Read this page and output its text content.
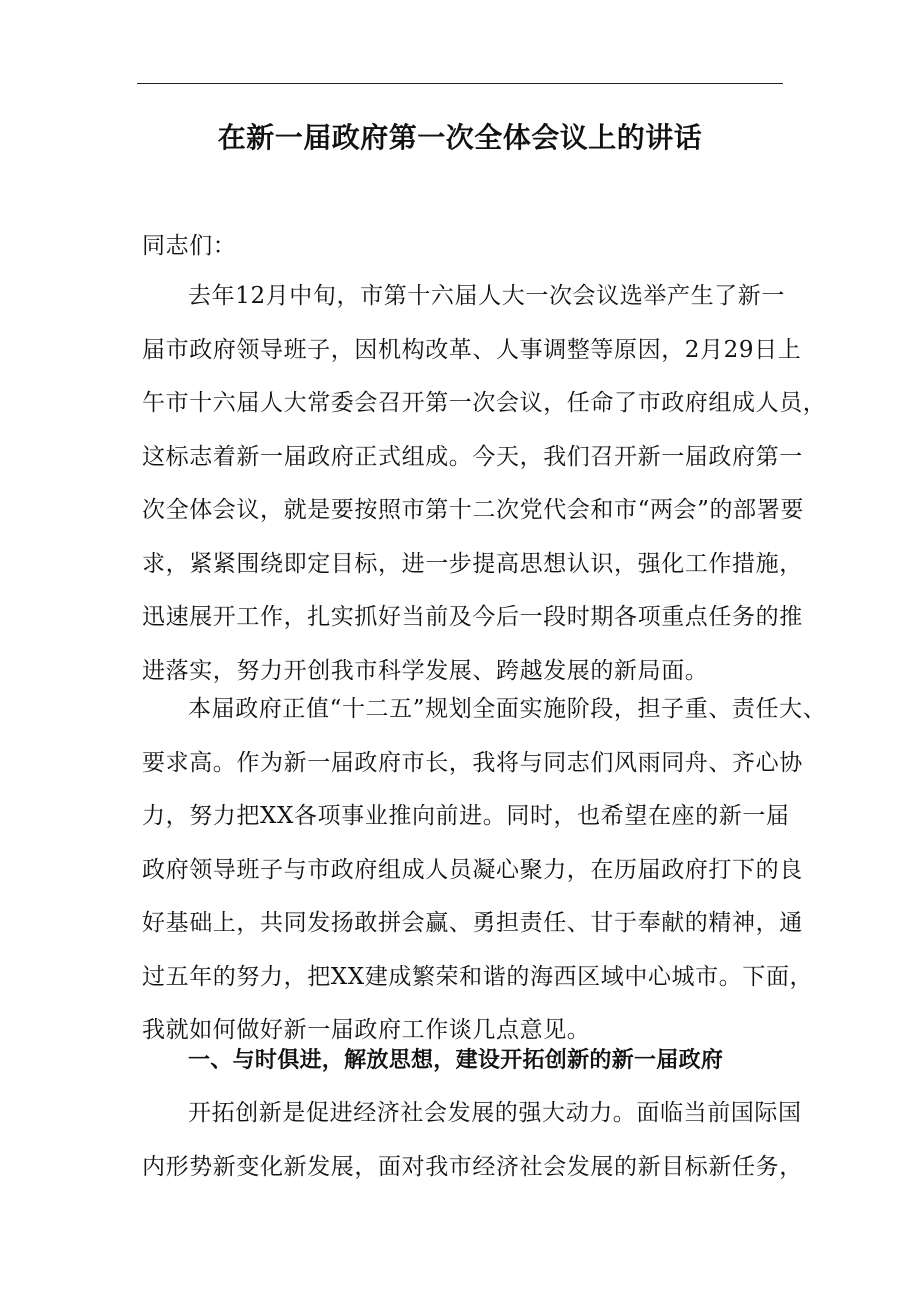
在新一届政府第一次全体会议上的讲话
同志们：
去年12月中旬，市第十六届人大一次会议选举产生了新一
届市政府领导班子，因机构改革、人事调整等原因，2月29日上
午市十六届人大常委会召开第一次会议，任命了市政府组成人员，
这标志着新一届政府正式组成。今天，我们召开新一届政府第一
次全体会议，就是要按照市第十二次党代会和市“两会”的部署要
求，紧紧围绕即定目标，进一步提高思想认识，强化工作措施，
迅速展开工作，扎实抓好当前及今后一段时期各项重点任务的推
进落实，努力开创我市科学发展、跨越发展的新局面。
本届政府正值“十二五”规划全面实施阶段，担子重、责任大、
要求高。作为新一届政府市长，我将与同志们风雨同舟、齐心协
力，努力把XX各项事业推向前进。同时，也希望在座的新一届
政府领导班子与市政府组成人员凝心聚力，在历届政府打下的良
好基础上，共同发扬敢拼会赢、勇担责任、甘于奉献的精神，通
过五年的努力，把XX建成繁荣和谐的海西区域中心城市。下面，
我就如何做好新一届政府工作谈几点意见。
一、与时俱进，解放思想，建设开拓创新的新一届政府
开拓创新是促进经济社会发展的强大动力。面临当前国际国
内形势新变化新发展，面对我市经济社会发展的新目标新任务，
